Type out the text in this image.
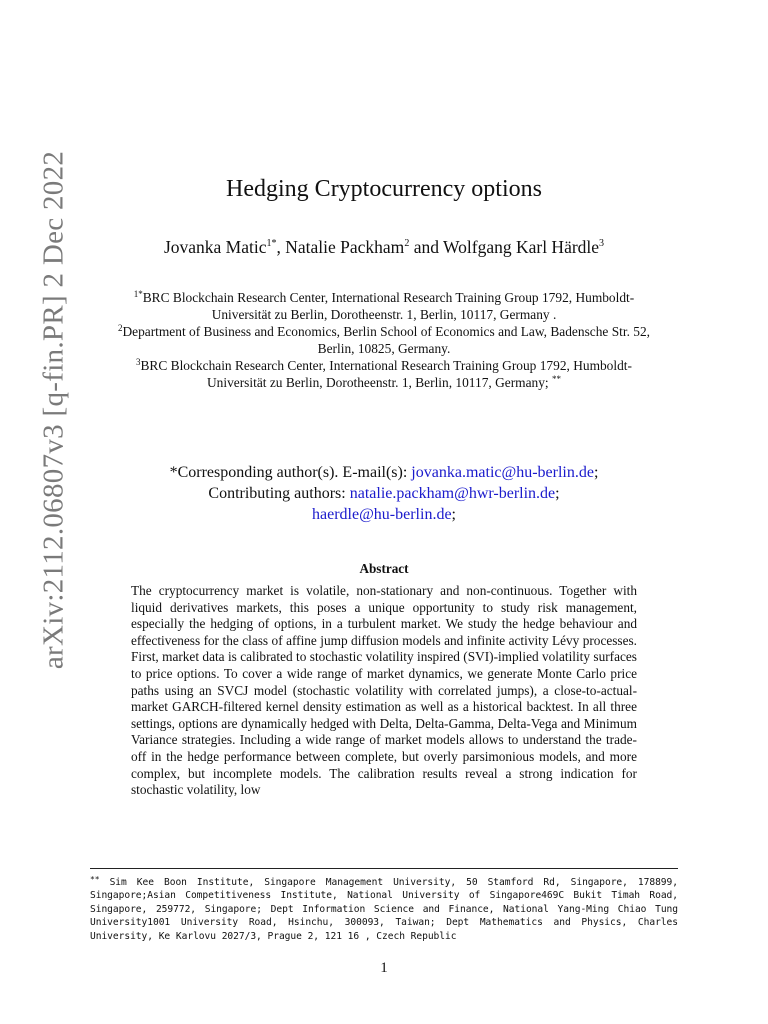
arXiv:2112.06807v3 [q-fin.PR] 2 Dec 2022	Hedging Cryptocurrency options
Jovanka Matic$^{1*}$, Natalie Packham$^2$ and Wolfgang Karl Härdle$^3$

$^{1*}$BRC Blockchain Research Center, International Research Training Group 1792, Humboldt-Universität zu Berlin, Dorotheenstr. 1, Berlin, 10117, Germany .

$^2$Department of Business and Economics, Berlin School of Economics and Law, Badensche Str. 52, Berlin, 10825, Germany.

$^3$BRC Blockchain Research Center, International Research Training Group 1792, Humboldt-Universität zu Berlin, Dorotheenstr. 1, Berlin, 10117, Germany; **

*Corresponding author(s). E-mail(s): jovanka.matic@hu-berlin.de;
Contributing authors: natalie.packham@hwr-berlin.de;
haerdle@hu-berlin.de;
Abstract

The cryptocurrency market is volatile, non-stationary and non-continuous. Together with liquid derivatives markets, this poses a unique opportunity to study risk management, especially the hedging of options, in a turbulent market. We study the hedge behaviour and effectiveness for the class of affine jump diffusion models and infinite activity Lévy processes. First, market data is calibrated to stochastic volatility inspired (SVI)-implied volatility surfaces to price options. To cover a wide range of market dynamics, we generate Monte Carlo price paths using an SVCJ model (stochastic volatility with correlated jumps), a close-to-actual-market GARCH-filtered kernel density estimation as well as a historical backtest. In all three settings, options are dynamically hedged with Delta, Delta-Gamma, Delta-Vega and Minimum Variance strategies. Including a wide range of market models allows to understand the trade-off in the hedge performance between complete, but overly parsimonious models, and more complex, but incomplete models. The calibration results reveal a strong indication for stochastic volatility, low

** Sim Kee Boon Institute, Singapore Management University, 50 Stamford Rd, Singapore, 178899, Singapore;Asian Competitiveness Institute, National University of Singapore469C Bukit Timah Road, Singapore, 259772, Singapore; Dept Information Science and Finance, National Yang-Ming Chiao Tung University1001 University Road, Hsinchu, 300093, Taiwan; Dept Mathematics and Physics, Charles University, Ke Karlovu 2027/3, Prague 2, 121 16 , Czech Republic
1
